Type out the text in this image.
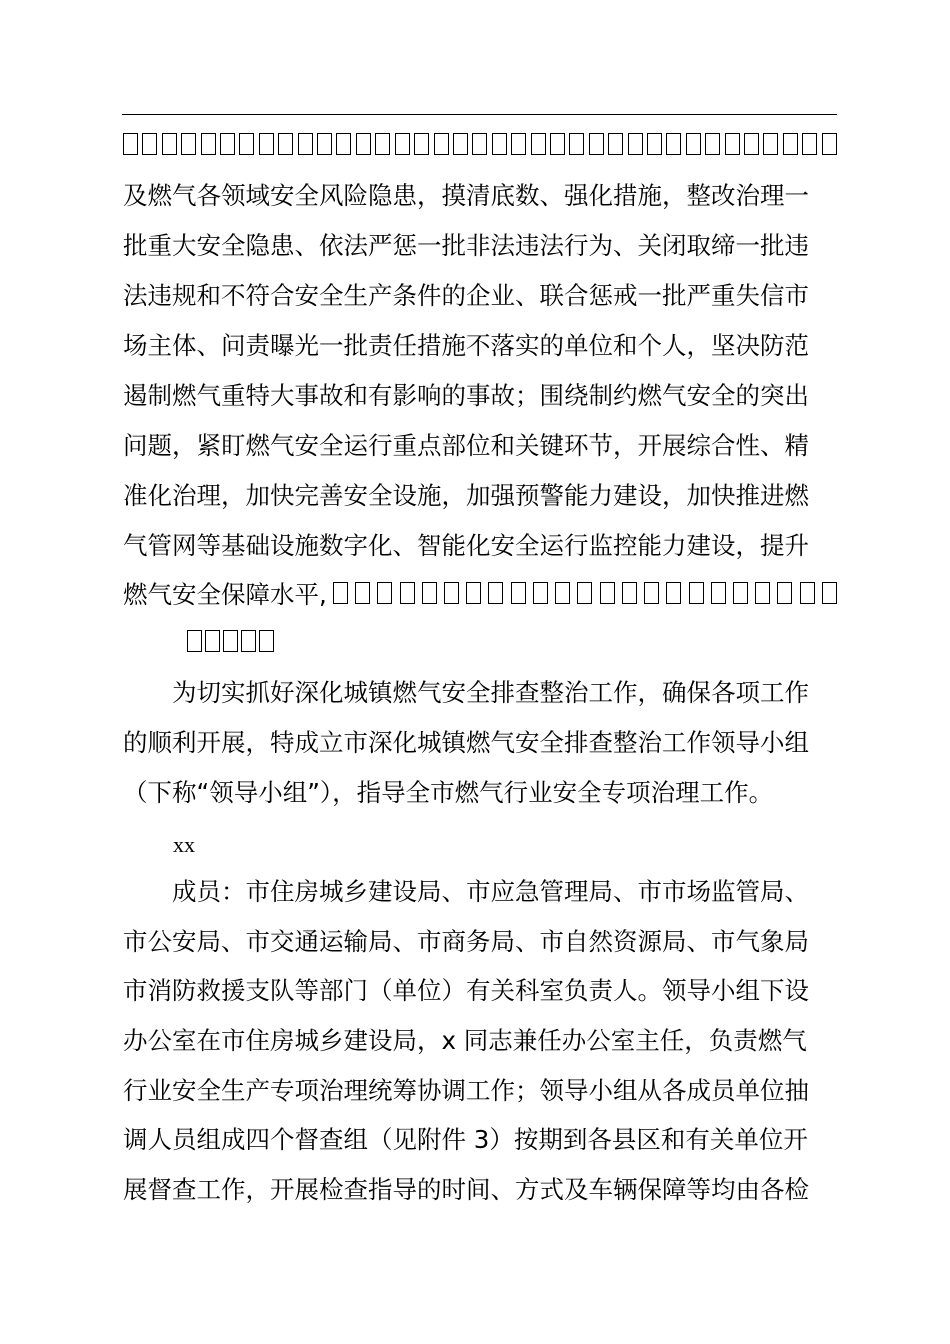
及燃气各领域安全风险隐患，摸清底数、强化措施，整改治理一
批重大安全隐患、依法严惩一批非法违法行为、关闭取缔一批违
法违规和不符合安全生产条件的企业、联合惩戒一批严重失信市
场主体、问责曝光一批责任措施不落实的单位和个人，坚决防范
遏制燃气重特大事故和有影响的事故；围绕制约燃气安全的突出
问题，紧盯燃气安全运行重点部位和关键环节，开展综合性、精
准化治理，加快完善安全设施，加强预警能力建设，加快推进燃
气管网等基础设施数字化、智能化安全运行监控能力建设，提升
燃气安全保障水平,
为切实抓好深化城镇燃气安全排查整治工作，确保各项工作
的顺利开展，特成立市深化城镇燃气安全排查整治工作领导小组
（下称“领导小组”），指导全市燃气行业安全专项治理工作。
xx
成员：市住房城乡建设局、市应急管理局、市市场监管局、
市公安局、市交通运输局、市商务局、市自然资源局、市气象局
市消防救援支队等部门（单位）有关科室负责人。领导小组下设
办公室在市住房城乡建设局，x 同志兼任办公室主任，负责燃气
行业安全生产专项治理统筹协调工作；领导小组从各成员单位抽
调人员组成四个督查组（见附件 3）按期到各县区和有关单位开
展督查工作，开展检查指导的时间、方式及车辆保障等均由各检
